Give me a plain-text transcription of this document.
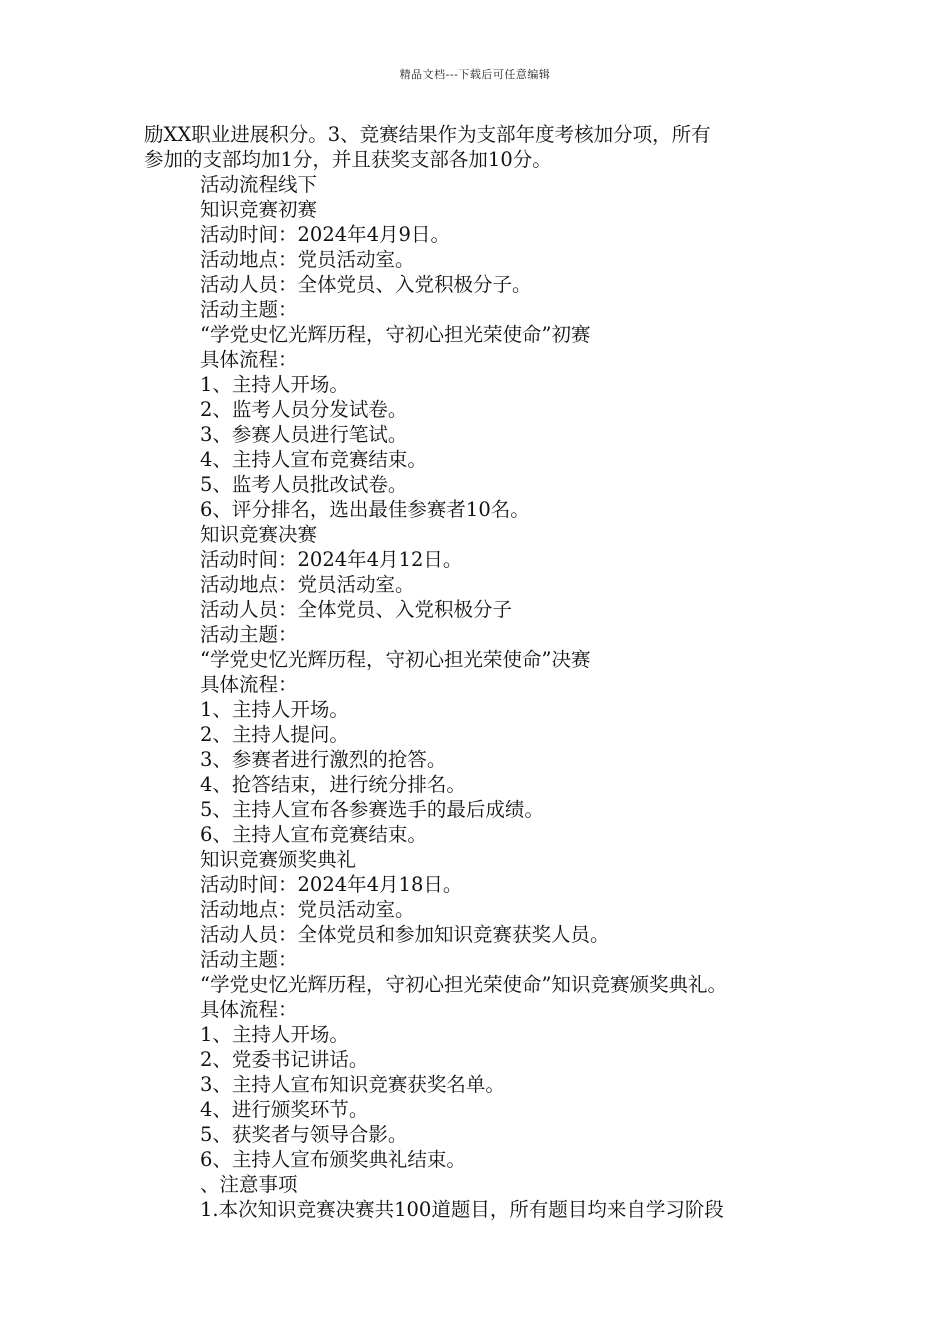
精品文档---下载后可任意编辑
励XX职业进展积分。3、竞赛结果作为支部年度考核加分项，所有
参加的支部均加1分，并且获奖支部各加10分。
活动流程线下
知识竞赛初赛
活动时间：2024年4月9日。
活动地点：党员活动室。
活动人员：全体党员、入党积极分子。
活动主题：
“学党史忆光辉历程，守初心担光荣使命”初赛
具体流程：
1、主持人开场。
2、监考人员分发试卷。
3、参赛人员进行笔试。
4、主持人宣布竞赛结束。
5、监考人员批改试卷。
6、评分排名，选出最佳参赛者10名。
知识竞赛决赛
活动时间：2024年4月12日。
活动地点：党员活动室。
活动人员：全体党员、入党积极分子
活动主题：
“学党史忆光辉历程，守初心担光荣使命”决赛
具体流程：
1、主持人开场。
2、主持人提问。
3、参赛者进行激烈的抢答。
4、抢答结束，进行统分排名。
5、主持人宣布各参赛选手的最后成绩。
6、主持人宣布竞赛结束。
知识竞赛颁奖典礼
活动时间：2024年4月18日。
活动地点：党员活动室。
活动人员：全体党员和参加知识竞赛获奖人员。
活动主题：
“学党史忆光辉历程，守初心担光荣使命”知识竞赛颁奖典礼。
具体流程：
1、主持人开场。
2、党委书记讲话。
3、主持人宣布知识竞赛获奖名单。
4、进行颁奖环节。
5、获奖者与领导合影。
6、主持人宣布颁奖典礼结束。
、注意事项
1.本次知识竞赛决赛共100道题目，所有题目均来自学习阶段
